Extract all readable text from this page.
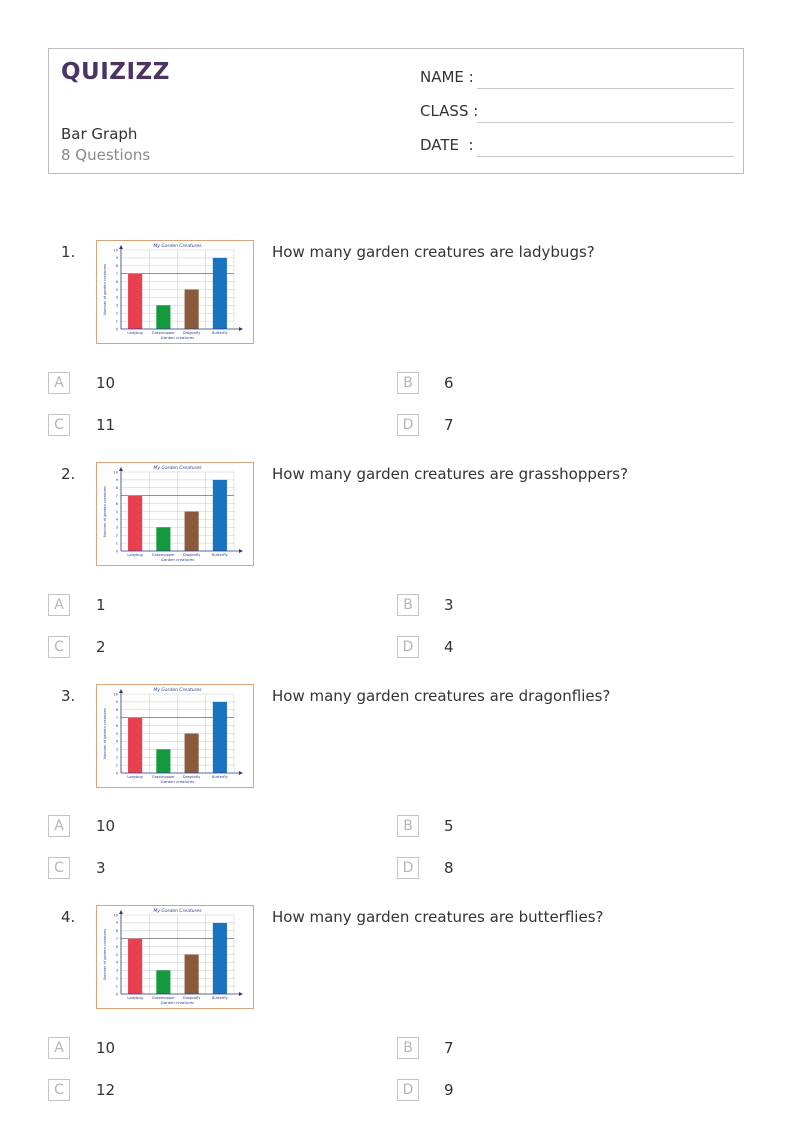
QUIZIZZ
Bar Graph
8 Questions
NAME :
CLASS :
DATE  :
1.	My Garden Creatures
0
1
2
3
4
5
6
7
8
9
10
Ladybug	Grasshopper Dragonfly	Butterfly
Garden creatures
Number of garden creatures
How many garden creatures are ladybugs?
A	10	B	6
C	11	D	7
2.	My Garden Creatures
0
1
2
3
4
5
6
7
8
9
10
Ladybug	Grasshopper Dragonfly	Butterfly
Garden creatures
Number of garden creatures
How many garden creatures are grasshoppers?
A	1	B	3
C	2	D	4
3.	My Garden Creatures
0
1
2
3
4
5
6
7
8
9
10
Ladybug	Grasshopper Dragonfly	Butterfly
Garden creatures
Number of garden creatures
How many garden creatures are dragonflies?
A	10	B	5
C	3	D	8
4.	My Garden Creatures
0
1
2
3
4
5
6
7
8
9
10
Ladybug	Grasshopper Dragonfly	Butterfly
Garden creatures
Number of garden creatures
How many garden creatures are butterflies?
A	10	B	7
C	12	D	9
